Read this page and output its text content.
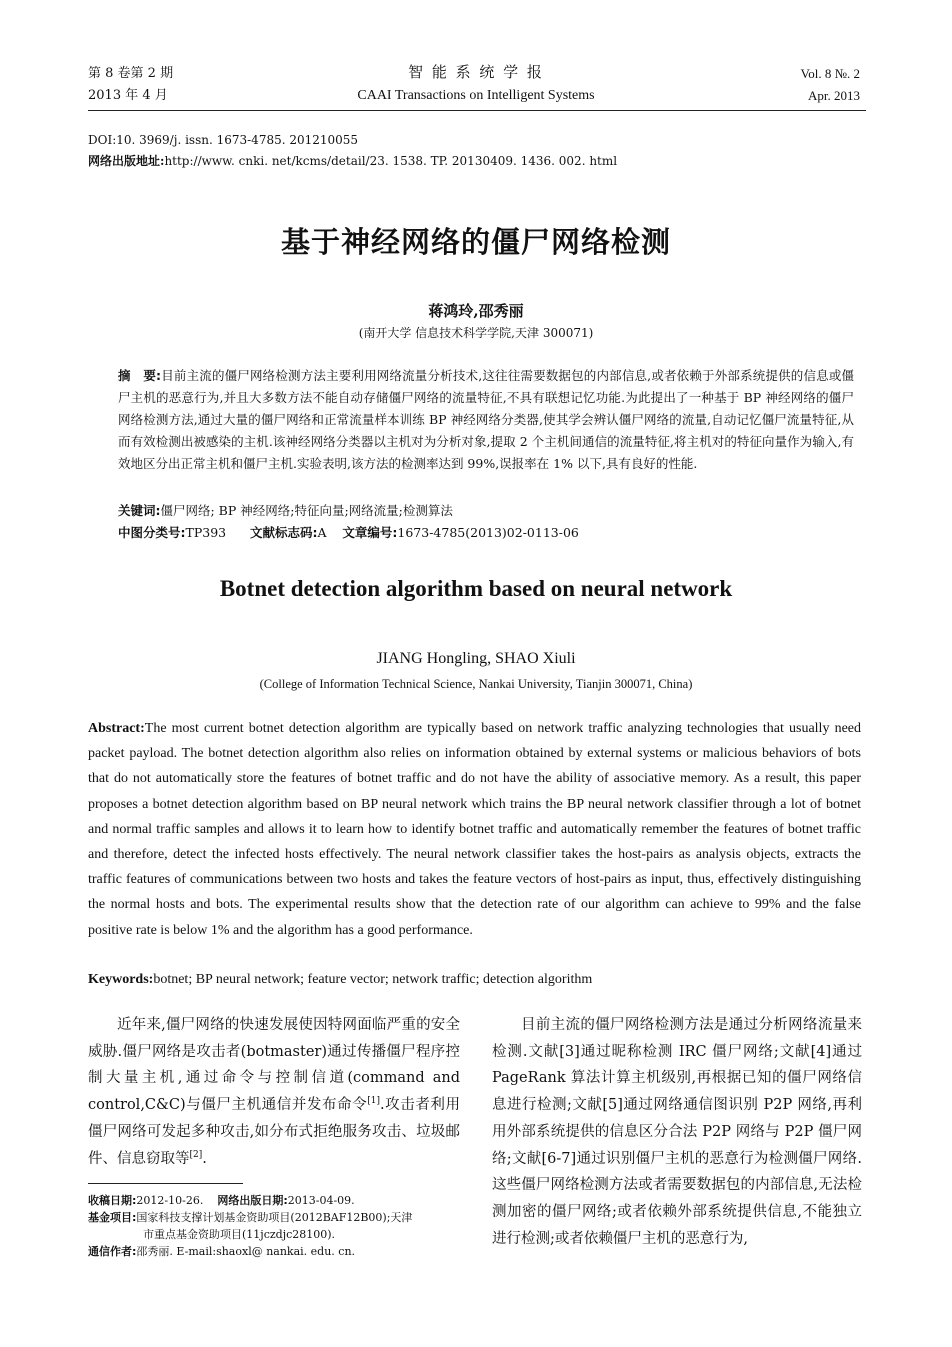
第 8 卷第 2 期
2013 年 4 月
智 能 系 统 学 报
CAAI Transactions on Intelligent Systems
Vol. 8 №. 2
Apr. 2013
DOI:10. 3969/j. issn. 1673-4785. 201210055
网络出版地址:http://www. cnki. net/kcms/detail/23. 1538. TP. 20130409. 1436. 002. html
基于神经网络的僵尸网络检测
蒋鸿玲,邵秀丽
(南开大学 信息技术科学学院,天津 300071)
摘　要:目前主流的僵尸网络检测方法主要利用网络流量分析技术,这往往需要数据包的内部信息,或者依赖于外部系统提供的信息或僵尸主机的恶意行为,并且大多数方法不能自动存储僵尸网络的流量特征,不具有联想记忆功能.为此提出了一种基于 BP 神经网络的僵尸网络检测方法,通过大量的僵尸网络和正常流量样本训练 BP 神经网络分类器,使其学会辨认僵尸网络的流量,自动记忆僵尸流量特征,从而有效检测出被感染的主机.该神经网络分类器以主机对为分析对象,提取 2 个主机间通信的流量特征,将主机对的特征向量作为输入,有效地区分出正常主机和僵尸主机.实验表明,该方法的检测率达到 99%,误报率在 1% 以下,具有良好的性能.
关键词:僵尸网络; BP 神经网络;特征向量;网络流量;检测算法
中图分类号:TP393 文献标志码:A 文章编号:1673-4785(2013)02-0113-06
Botnet detection algorithm based on neural network
JIANG Hongling, SHAO Xiuli
(College of Information Technical Science, Nankai University, Tianjin 300071, China)
Abstract:The most current botnet detection algorithm are typically based on network traffic analyzing technologies that usually need packet payload. The botnet detection algorithm also relies on information obtained by external systems or malicious behaviors of bots that do not automatically store the features of botnet traffic and do not have the ability of associative memory. As a result, this paper proposes a botnet detection algorithm based on BP neural network which trains the BP neural network classifier through a lot of botnet and normal traffic samples and allows it to learn how to identify botnet traffic and automatically remember the features of botnet traffic and therefore, detect the infected hosts effectively. The neural network classifier takes the host-pairs as analysis objects, extracts the traffic features of communications between two hosts and takes the feature vectors of host-pairs as input, thus, effectively distinguishing the normal hosts and bots. The experimental results show that the detection rate of our algorithm can achieve to 99% and the false positive rate is below 1% and the algorithm has a good performance.
Keywords:botnet; BP neural network; feature vector; network traffic; detection algorithm
近年来,僵尸网络的快速发展使因特网面临严重的安全威胁.僵尸网络是攻击者(botmaster)通过传播僵尸程序控制大量主机,通过命令与控制信道(command and control,C&C)与僵尸主机通信并发布命令[1].攻击者利用僵尸网络可发起多种攻击,如分布式拒绝服务攻击、垃圾邮件、信息窃取等[2].
目前主流的僵尸网络检测方法是通过分析网络流量来检测.文献[3]通过昵称检测 IRC 僵尸网络;文献[4]通过 PageRank 算法计算主机级别,再根据已知的僵尸网络信息进行检测;文献[5]通过网络通信图识别 P2P 网络,再利用外部系统提供的信息区分合法 P2P 网络与 P2P 僵尸网络;文献[6-7]通过识别僵尸主机的恶意行为检测僵尸网络.这些僵尸网络检测方法或者需要数据包的内部信息,无法检测加密的僵尸网络;或者依赖外部系统提供信息,不能独立进行检测;或者依赖僵尸主机的恶意行为,
收稿日期:2012-10-26. 网络出版日期:2013-04-09.
基金项目:国家科技支撑计划基金资助项目(2012BAF12B00);天津
市重点基金资助项目(11jczdjc28100).
通信作者:邵秀丽. E-mail:shaoxl@ nankai. edu. cn.
